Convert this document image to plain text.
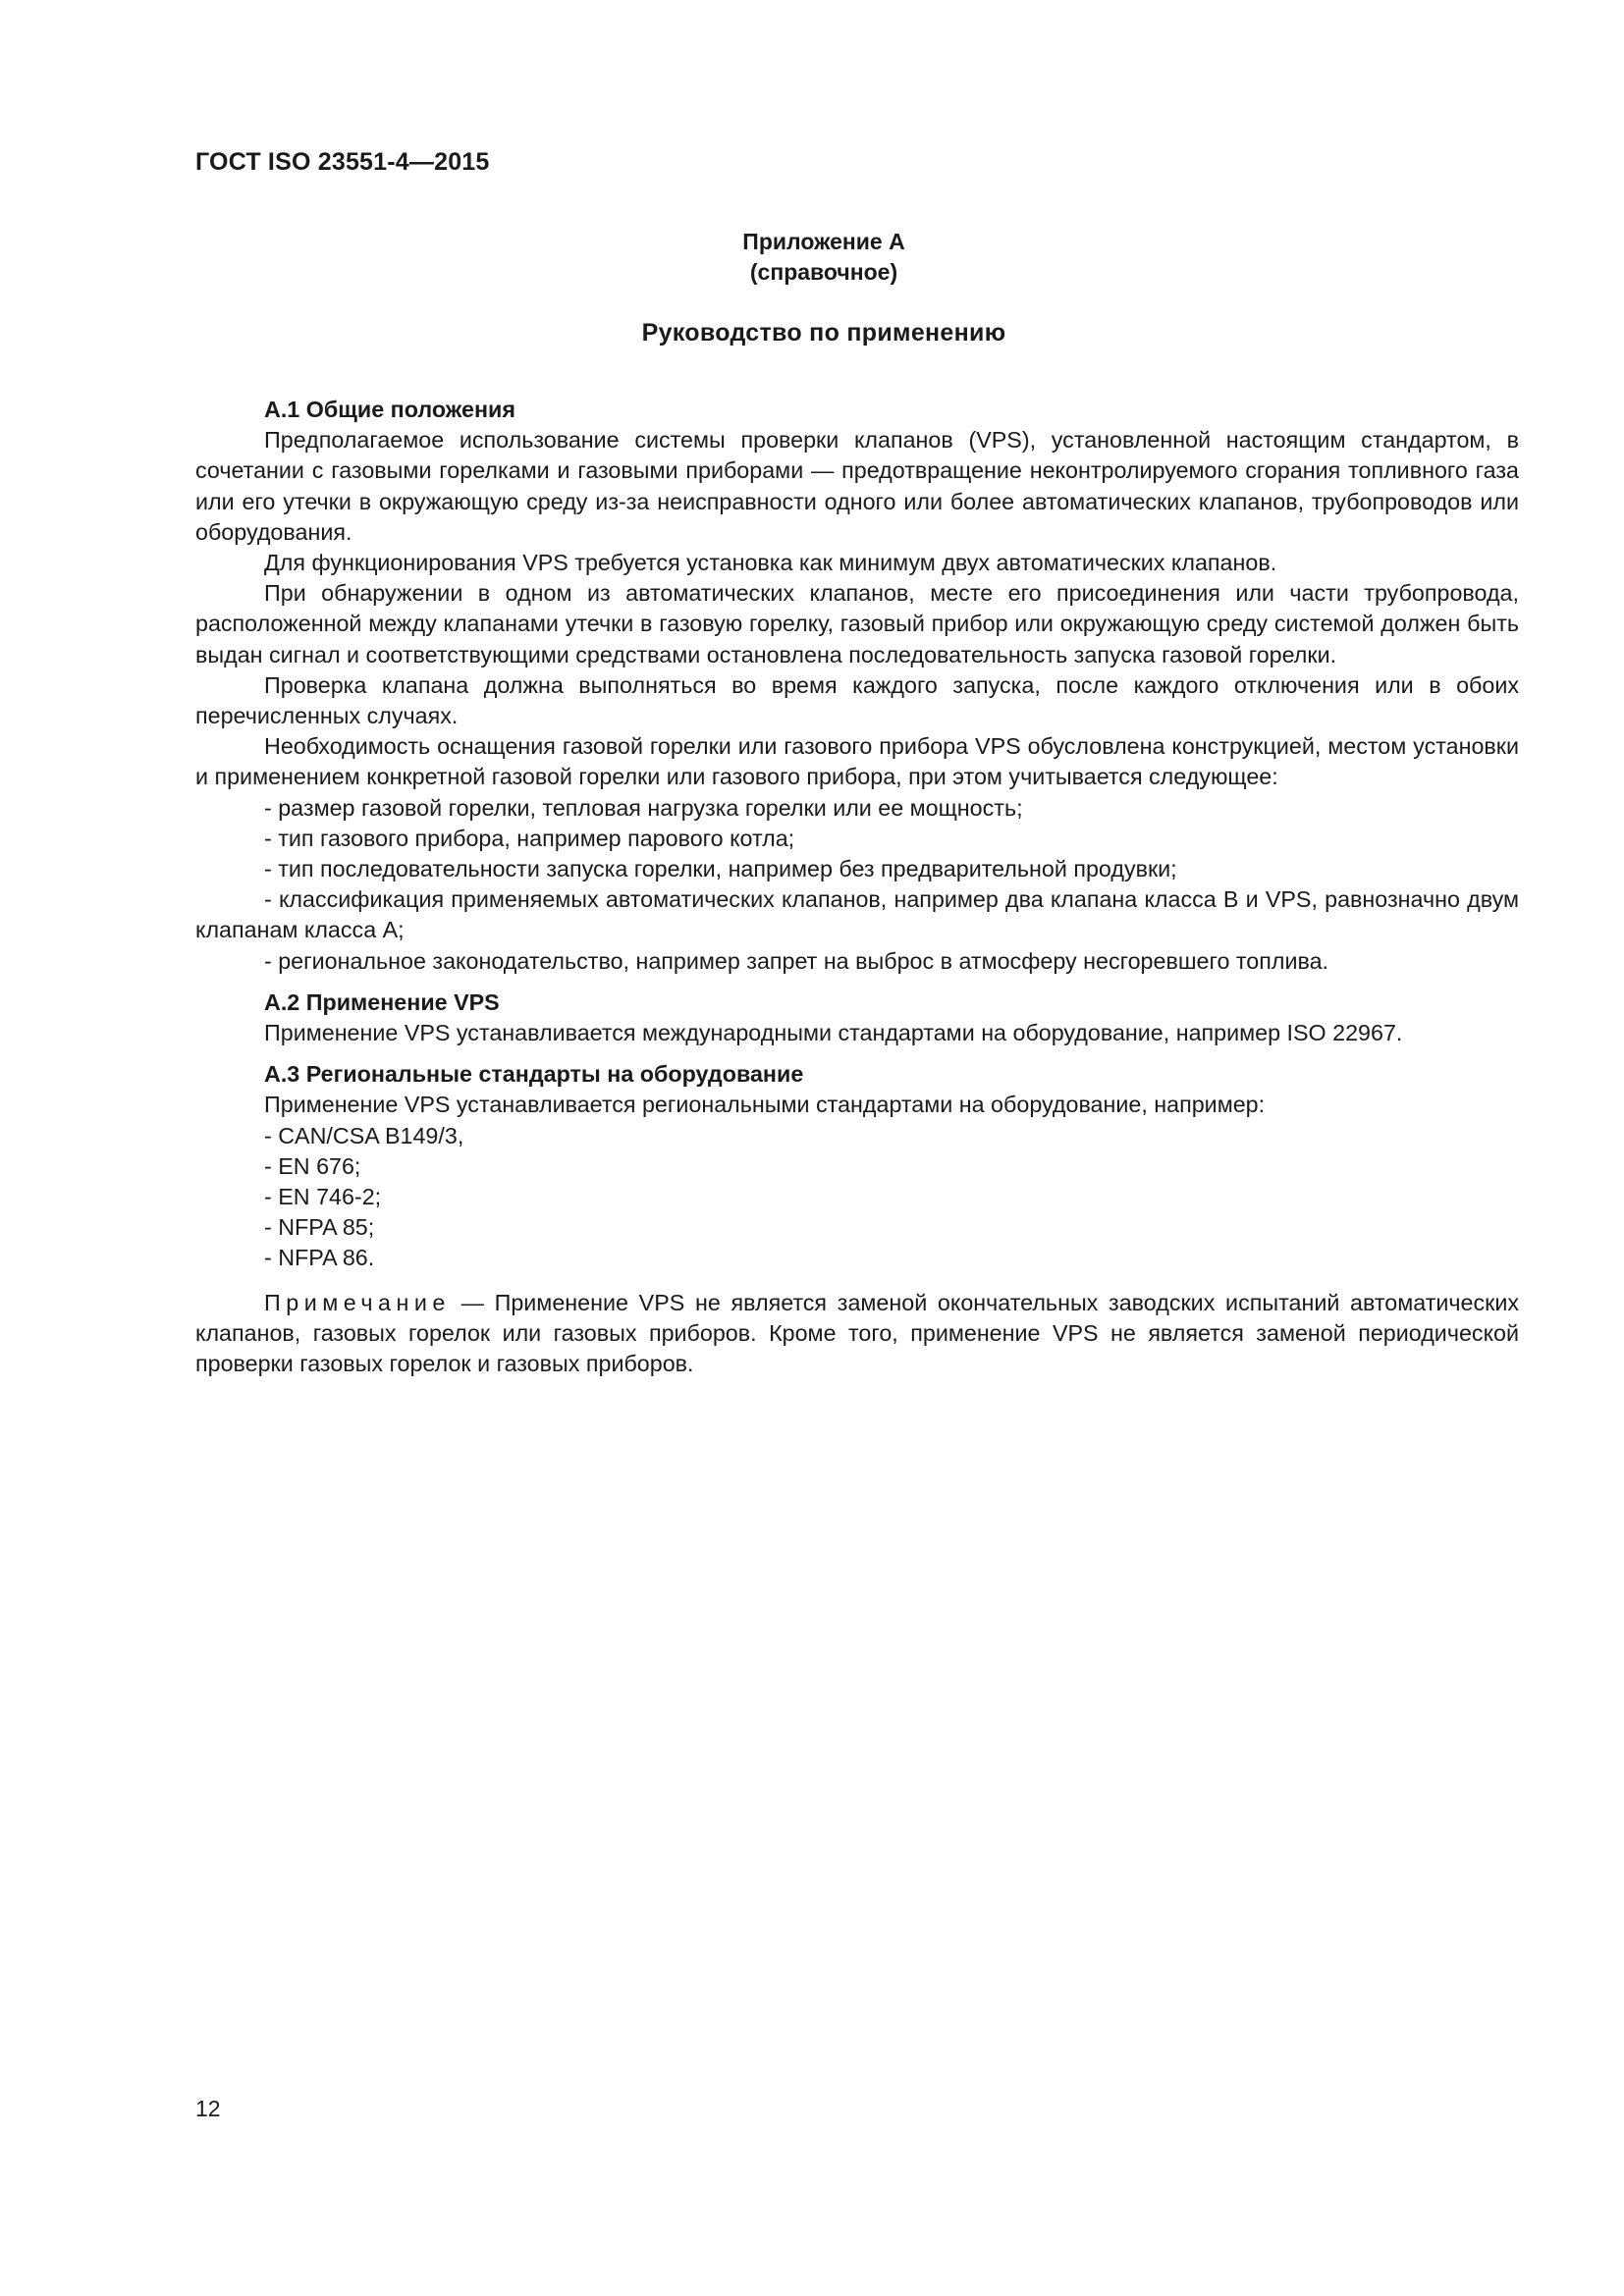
ГОСТ ISO 23551-4—2015
Приложение А
(справочное)
Руководство по применению

А.1 Общие положения

Предполагаемое использование системы проверки клапанов (VPS), установленной настоящим стандартом, в сочетании с газовыми горелками и газовыми приборами — предотвращение неконтролируемого сгорания топливного газа или его утечки в окружающую среду из-за неисправности одного или более автоматических клапанов, трубопроводов или оборудования.

Для функционирования VPS требуется установка как минимум двух автоматических клапанов.

При обнаружении в одном из автоматических клапанов, месте его присоединения или части трубопровода, расположенной между клапанами утечки в газовую горелку, газовый прибор или окружающую среду системой должен быть выдан сигнал и соответствующими средствами остановлена последовательность запуска газовой горелки.

Проверка клапана должна выполняться во время каждого запуска, после каждого отключения или в обоих перечисленных случаях.

Необходимость оснащения газовой горелки или газового прибора VPS обусловлена конструкцией, местом установки и применением конкретной газовой горелки или газового прибора, при этом учитывается следующее:

- размер газовой горелки, тепловая нагрузка горелки или ее мощность;

- тип газового прибора, например парового котла;

- тип последовательности запуска горелки, например без предварительной продувки;

- классификация применяемых автоматических клапанов, например два клапана класса В и VPS, равнозначно двум клапанам класса А;

- региональное законодательство, например запрет на выброс в атмосферу несгоревшего топлива.

А.2 Применение VPS

Применение VPS устанавливается международными стандартами на оборудование, например ISO 22967.

А.3 Региональные стандарты на оборудование

Применение VPS устанавливается региональными стандартами на оборудование, например:

- CAN/CSA B149/3,

- EN 676;

- EN 746-2;

- NFPA 85;

- NFPA 86.

Примечание — Применение VPS не является заменой окончательных заводских испытаний автоматических клапанов, газовых горелок или газовых приборов. Кроме того, применение VPS не является заменой периодической проверки газовых горелок и газовых приборов.

12
